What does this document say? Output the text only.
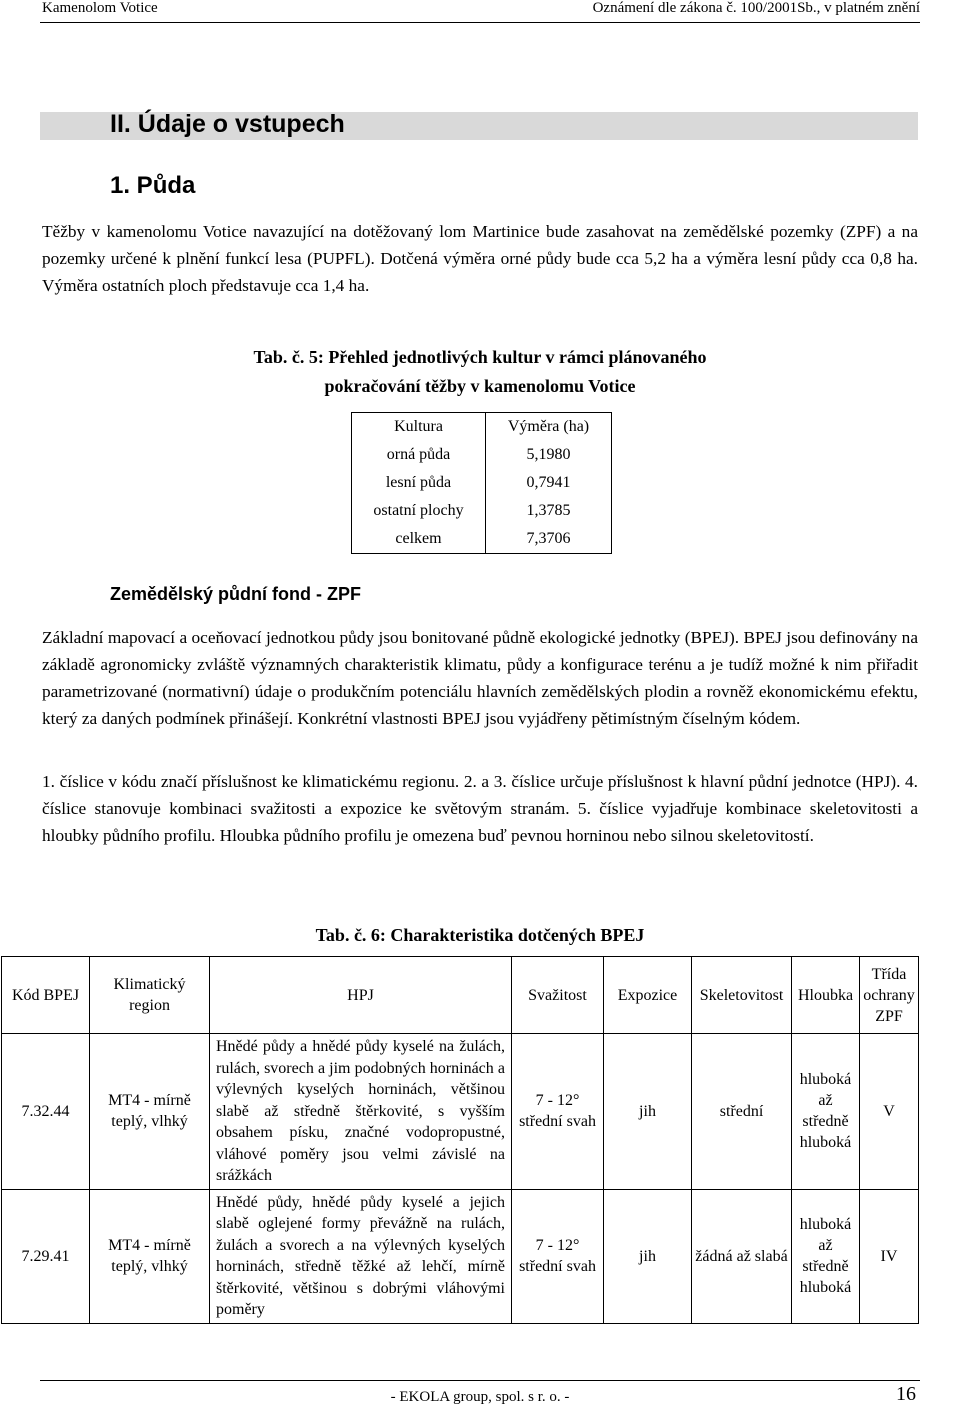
Kamenolom Votice	Oznámení dle zákona č. 100/2001Sb., v platném znění
II. Údaje o vstupech
1. Půda
Těžby v kamenolomu Votice navazující na dotěžovaný lom Martinice bude zasahovat na zemědělské pozemky (ZPF) a na pozemky určené k plnění funkcí lesa (PUPFL). Dotčená výměra orné půdy bude cca 5,2 ha a výměra lesní půdy cca 0,8 ha. Výměra ostatních ploch představuje cca 1,4 ha.
Tab. č. 5: Přehled jednotlivých kultur v rámci plánovaného
pokračování těžby v kamenolomu Votice
Kultura	Výměra (ha)
orná půda	5,1980
lesní půda	0,7941
ostatní plochy	1,3785
celkem	7,3706
Zemědělský půdní fond - ZPF
Základní mapovací a oceňovací jednotkou půdy jsou bonitované půdně ekologické jednotky (BPEJ). BPEJ jsou definovány na základě agronomicky zvláště významných charakteristik klimatu, půdy a konfigurace terénu a je tudíž možné k nim přiřadit parametrizované (normativní) údaje o produkčním potenciálu hlavních zemědělských plodin a rovněž ekonomickému efektu, který za daných podmínek přinášejí. Konkrétní vlastnosti BPEJ jsou vyjádřeny pětimístným číselným kódem.
1. číslice v kódu značí příslušnost ke klimatickému regionu. 2. a 3. číslice určuje příslušnost k hlavní půdní jednotce (HPJ). 4. číslice stanovuje kombinaci svažitosti a expozice ke světovým stranám. 5. číslice vyjadřuje kombinace skeletovitosti a hloubky půdního profilu. Hloubka půdního profilu je omezena buď pevnou horninou nebo silnou skeletovitostí.
Tab. č. 6: Charakteristika dotčených BPEJ
Kód BPEJ	Klimatický region	HPJ	Svažitost	Expozice	Skeletovitost	Hloubka	Třída ochrany ZPF
7.32.44	MT4 - mírně teplý, vlhký	Hnědé půdy a hnědé půdy kyselé na žulách, rulách, svorech a jim podobných horninách a výlevných kyselých horninách, většinou slabě až středně štěrkovité, s vyšším obsahem písku, značné vodopropustné, vláhové poměry jsou velmi závislé na srážkách	7 - 12° střední svah	jih	střední	hluboká až středně hluboká	V
7.29.41	MT4 - mírně teplý, vlhký	Hnědé půdy, hnědé půdy kyselé a jejich slabě oglejené formy převážně na rulách, žulách a svorech a na výlevných kyselých horninách, středně těžké až lehčí, mírně štěrkovité, většinou s dobrými vláhovými poměry	7 - 12° střední svah	jih	žádná až slabá	hluboká až středně hluboká	IV
- EKOLA group, spol. s r. o. -	16
